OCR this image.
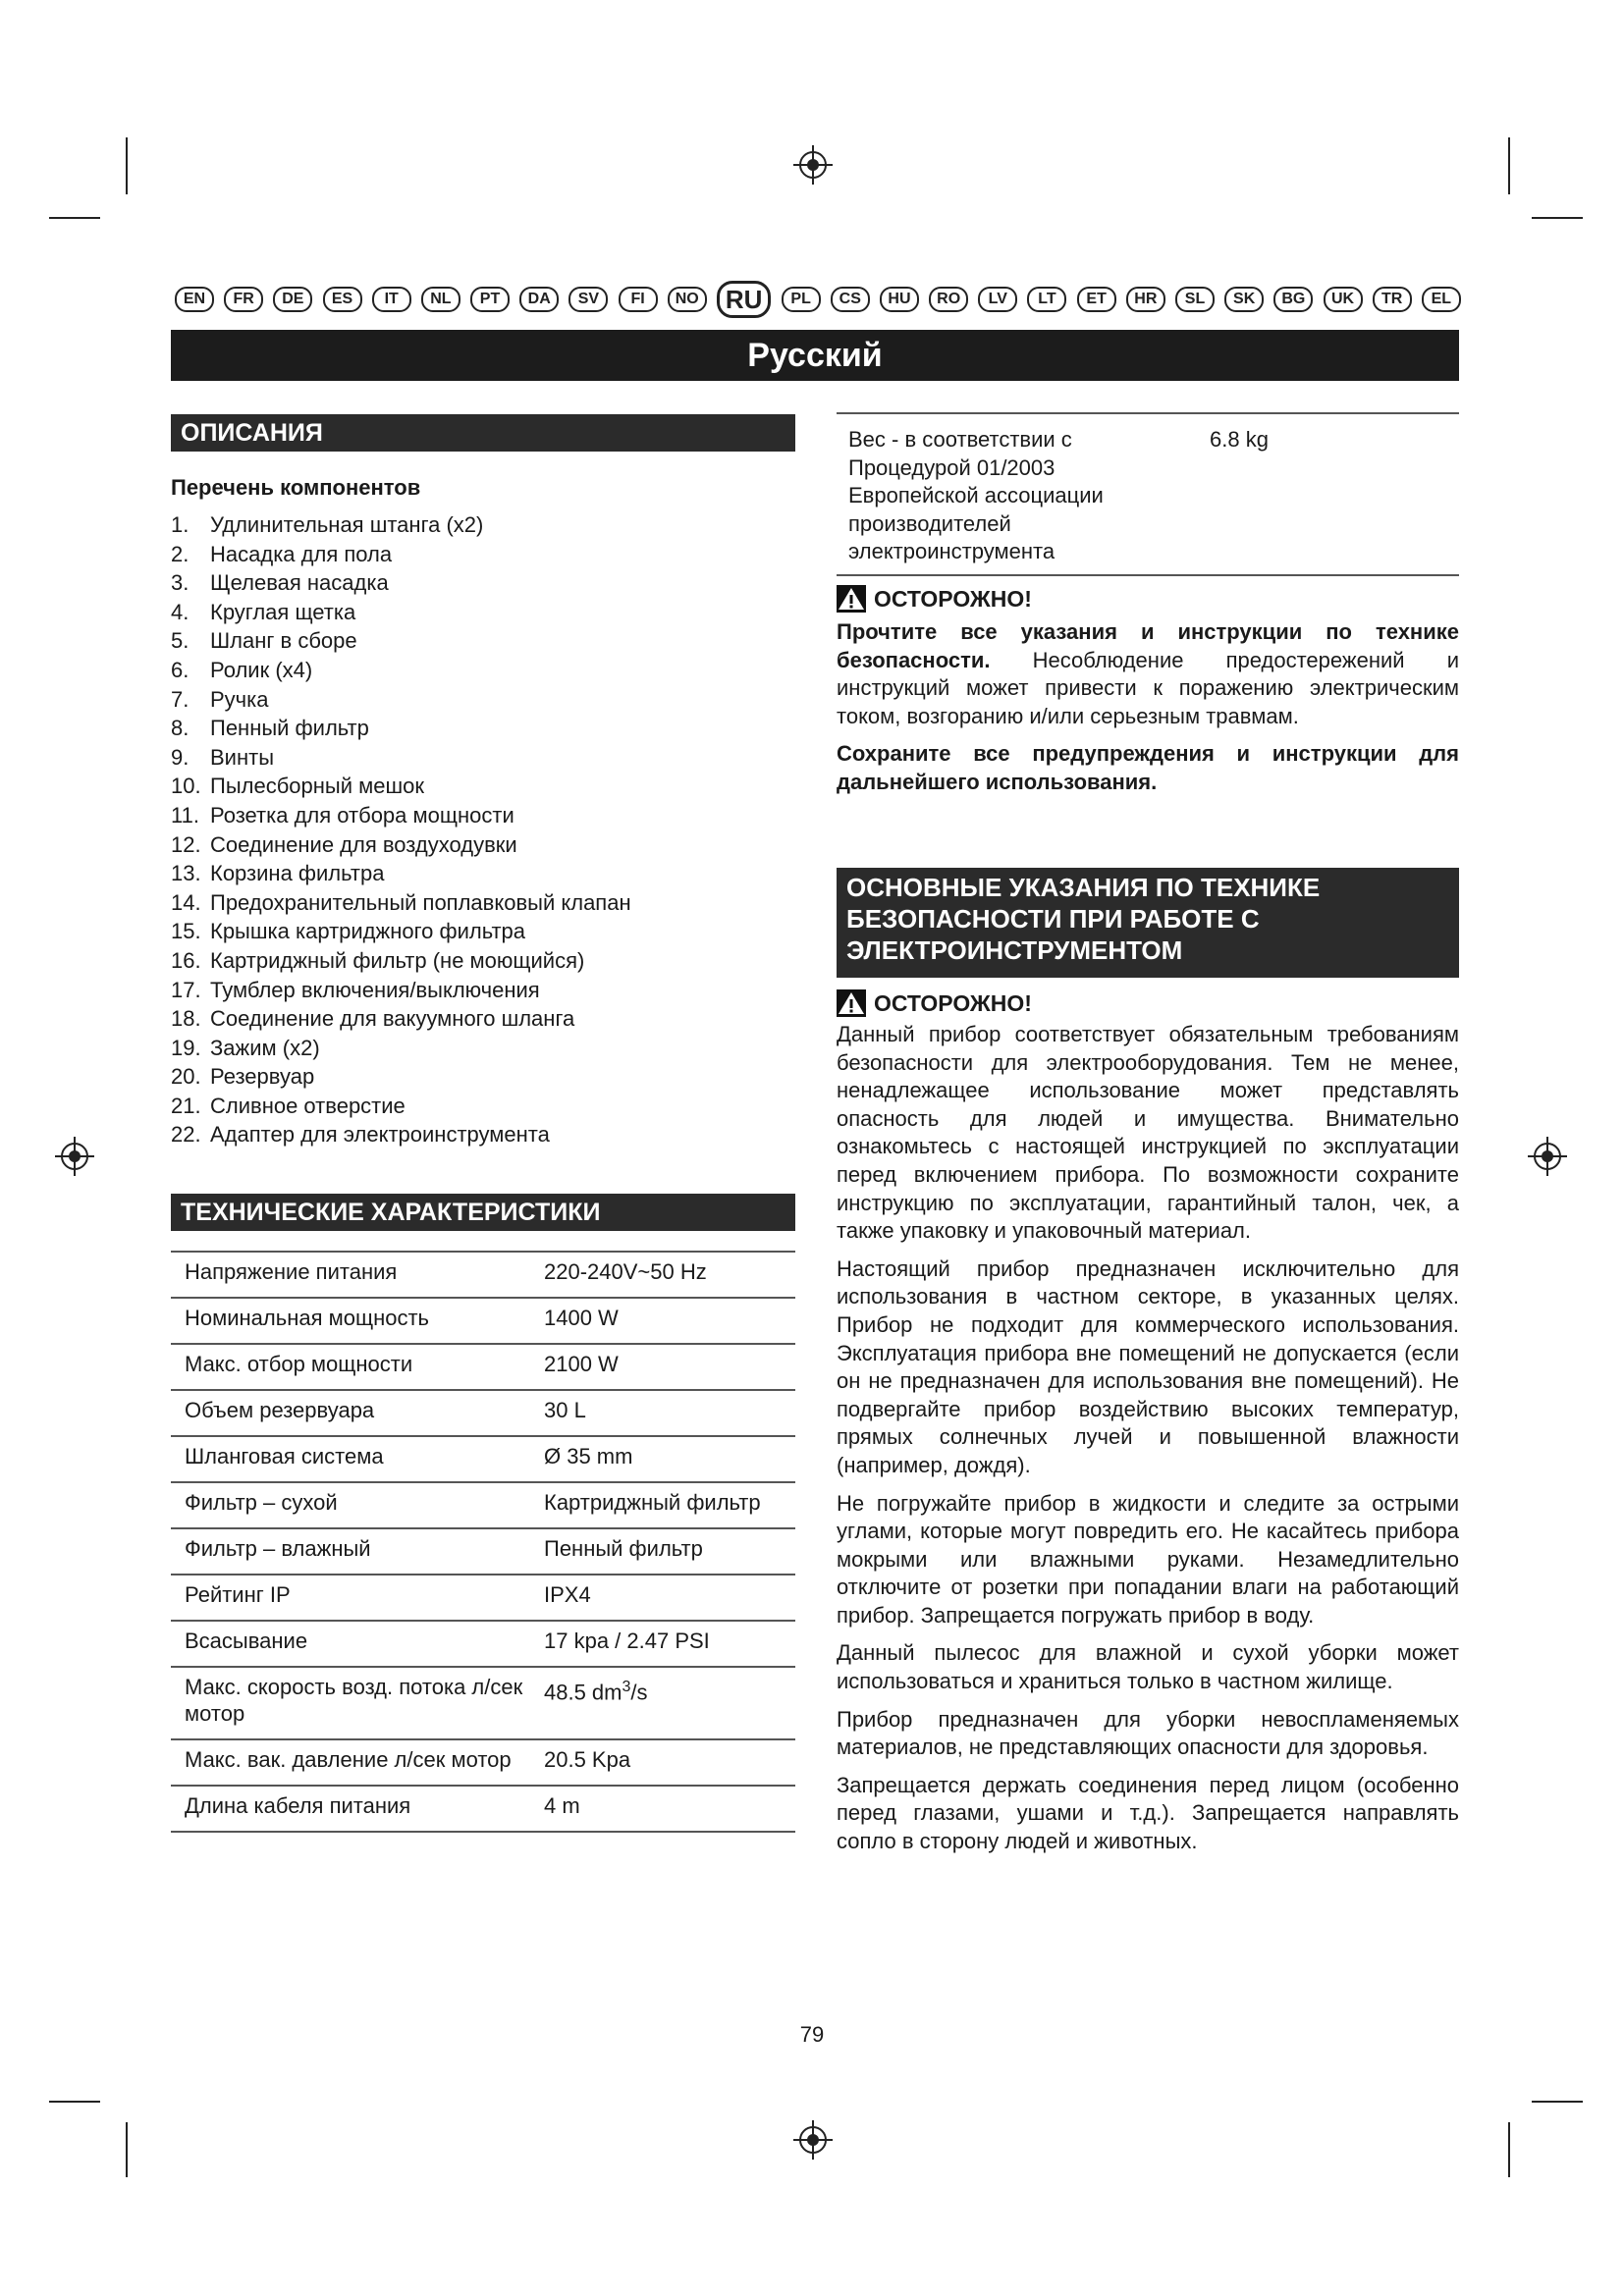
EN	FR	DE	ES	IT	NL	PT	DA	SV	FI	NO	RU	PL	CS	HU	RO	LV	LT	ET	HR	SL	SK	BG	UK	TR	EL
Русский
ОПИСАНИЯ
Перечень компонентов
1. Удлинительная штанга (x2)
2. Насадка для пола
3. Щелевая насадка
4. Круглая щетка
5. Шланг в сборе
6. Ролик (x4)
7. Ручка
8. Пенный фильтр
9. Винты
10. Пылесборный мешок
11. Розетка для отбора мощности
12. Соединение для воздуходувки
13. Корзина фильтра
14. Предохранительный поплавковый клапан
15. Крышка картриджного фильтра
16. Картриджный фильтр (не моющийся)
17. Тумблер включения/выключения
18. Соединение для вакуумного шланга
19. Зажим (x2)
20. Резервуар
21. Сливное отверстие
22. Адаптер для электроинструмента
ТЕХНИЧЕСКИЕ ХАРАКТЕРИСТИКИ
Напряжение питания	220-240V~50 Hz
Номинальная мощность	1400 W
Макс. отбор мощности	2100 W
Объем резервуара	30 L
Шланговая система	Ø 35 mm
Фильтр – сухой	Картриджный фильтр
Фильтр – влажный	Пенный фильтр
Рейтинг IP	IPX4
Всасывание	17 kpa / 2.47 PSI
Макс. скорость возд. потока л/сек мотор	48.5 $dm^3/s$
Макс. вак. давление л/сек мотор	20.5 Kpa
Длина кабеля питания	4 m
Вес - в соответствии с Процедурой 01/2003 Европейской ассоциации производителей электроинструмента	6.8 kg
ОСТОРОЖНО!

Прочтите все указания и инструкции по технике безопасности. Несоблюдение предостережений и инструкций может привести к поражению электрическим током, возгоранию и/или серьезным травмам.

Сохраните все предупреждения и инструкции для дальнейшего использования.

ОСНОВНЫЕ УКАЗАНИЯ ПО ТЕХНИКЕ
БЕЗОПАСНОСТИ ПРИ РАБОТЕ С
ЭЛЕКТРОИНСТРУМЕНТОМ
ОСТОРОЖНО!

Данный прибор соответствует обязательным требованиям безопасности для электрооборудования. Тем не менее, ненадлежащее использование может представлять опасность для людей и имущества. Внимательно ознакомьтесь с настоящей инструкцией по эксплуатации перед включением прибора. По возможности сохраните инструкцию по эксплуатации, гарантийный талон, чек, а также упаковку и упаковочный материал.

Настоящий прибор предназначен исключительно для использования в частном секторе, в указанных целях. Прибор не подходит для коммерческого использования. Эксплуатация прибора вне помещений не допускается (если он не предназначен для использования вне помещений). Не подвергайте прибор воздействию высоких температур, прямых солнечных лучей и повышенной влажности (например, дождя).

Не погружайте прибор в жидкости и следите за острыми углами, которые могут повредить его. Не касайтесь прибора мокрыми или влажными руками. Незамедлительно отключите от розетки при попадании влаги на работающий прибор. Запрещается погружать прибор в воду.

Данный пылесос для влажной и сухой уборки может использоваться и храниться только в частном жилище.

Прибор предназначен для уборки невоспламеняемых материалов, не представляющих опасности для здоровья.

Запрещается держать соединения перед лицом (особенно перед глазами, ушами и т.д.). Запрещается направлять сопло в сторону людей и животных.

79
